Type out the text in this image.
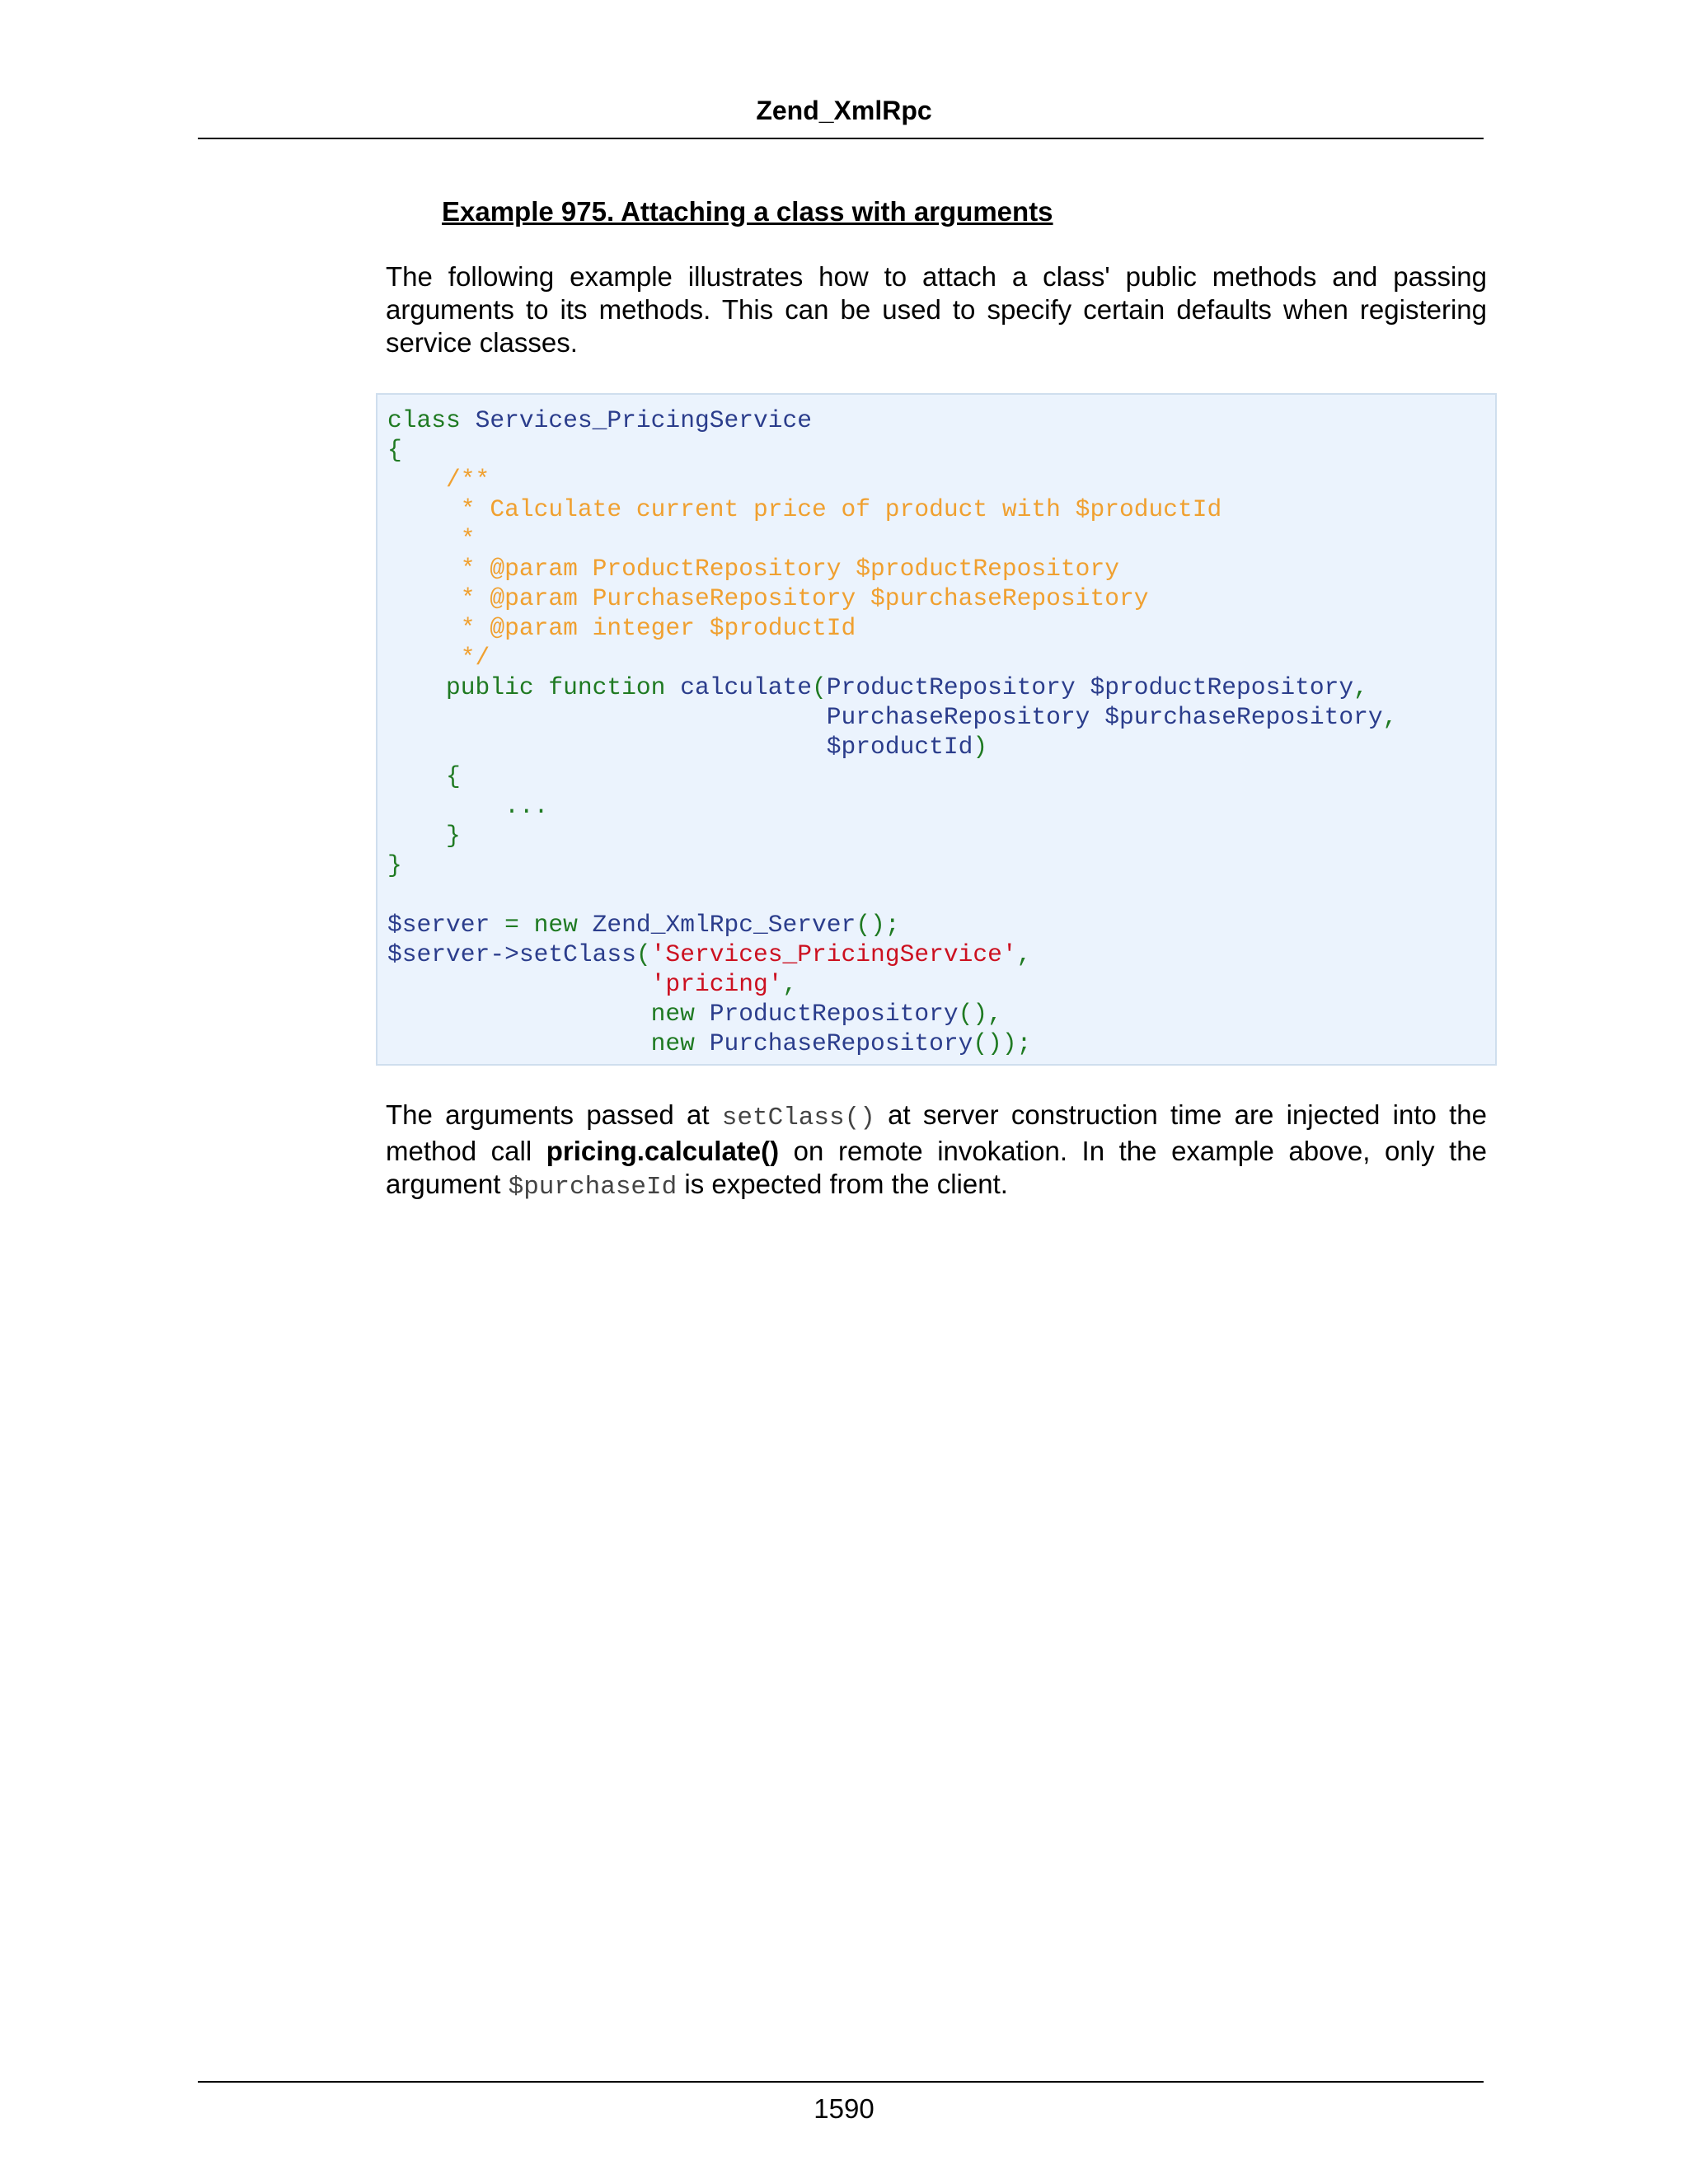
Zend_XmlRpc
Example 975. Attaching a class with arguments

The following example illustrates how to attach a class' public methods and passing arguments to its methods. This can be used to specify certain defaults when registering service classes.

class Services_PricingService
{
/**
* Calculate current price of product with $productId
*
* @param ProductRepository $productRepository
* @param PurchaseRepository $purchaseRepository
* @param integer $productId
*/
public function calculate(ProductRepository $productRepository,
PurchaseRepository $purchaseRepository,
$productId)
{
...
}
}
$server = new Zend_XmlRpc_Server();
$server->setClass('Services_PricingService',
'pricing',
new ProductRepository(),
new PurchaseRepository());

The arguments passed at setClass() at server construction time are injected into the method call pricing.calculate() on remote invokation. In the example above, only the argument $purchaseId is expected from the client.

1590
